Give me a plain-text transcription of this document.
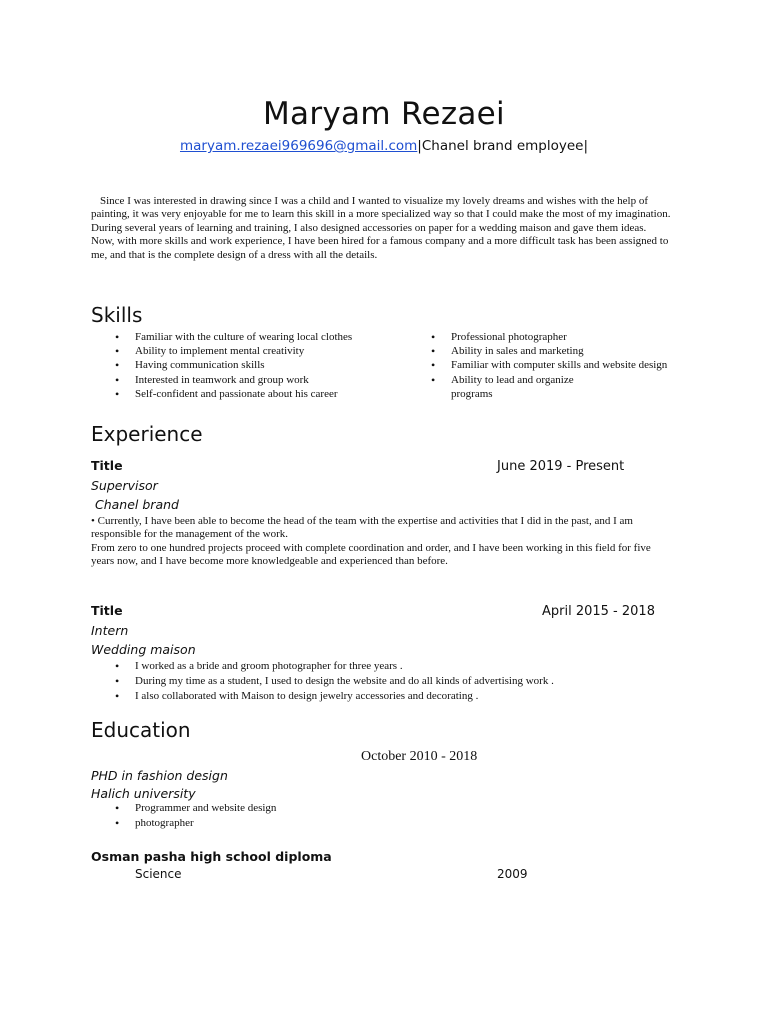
Maryam Rezaei
maryam.rezaei969696@gmail.com|Chanel brand employee|

Since I was interested in drawing since I was a child and I wanted to visualize my lovely dreams and wishes with the help of painting, it was very enjoyable for me to learn this skill in a more specialized way so that I could make the most of my imagination. During several years of learning and training, I also designed accessories on paper for a wedding maison and gave them ideas. Now, with more skills and work experience, I have been hired for a famous company and a more difficult task has been assigned to me, and that is the complete design of a dress with all the details.

Skills
• Familiar with the culture of wearing local clothes
• Ability to implement mental creativity
• Having communication skills
• Interested in teamwork and group work
• Self-confident and passionate about his career
• Professional photographer
• Ability in sales and marketing
• Familiar with computer skills and website design
• Ability to lead and organize programs
Experience
Title	June 2019 - Present
Supervisor
Chanel brand

• Currently, I have been able to become the head of the team with the expertise and activities that I did in the past, and I am responsible for the management of the work.

From zero to one hundred projects proceed with complete coordination and order, and I have been working in this field for five years now, and I have become more knowledgeable and experienced than before.

Title	April 2015 - 2018
Intern
Wedding maison
• I worked as a bride and groom photographer for three years .
• During my time as a student, I used to design the website and do all kinds of advertising work .
• I also collaborated with Maison to design jewelry accessories and decorating .
Education
October 2010 - 2018
PHD in fashion design
Halich university
• Programmer and website design
• photographer
Osman pasha high school diploma
Science	2009
